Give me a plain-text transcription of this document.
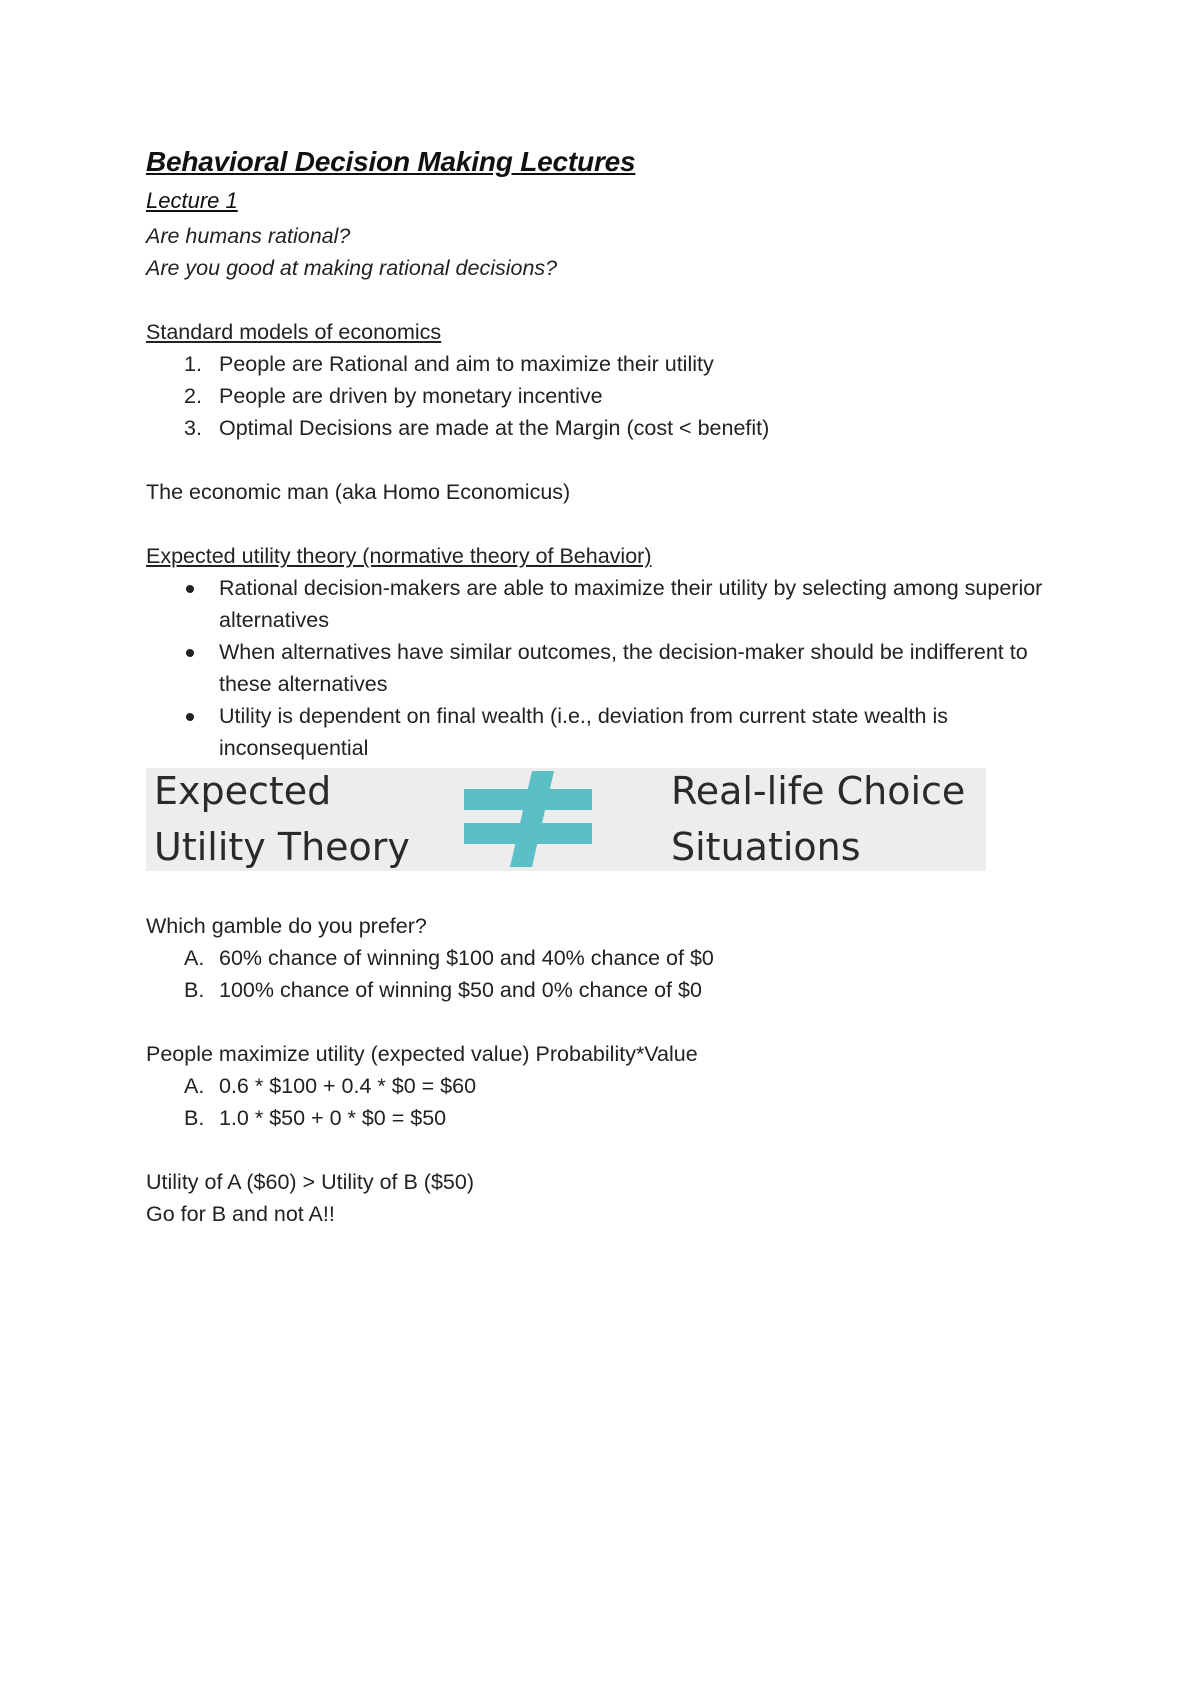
Behavioral Decision Making Lectures
Lecture 1
Are humans rational?
Are you good at making rational decisions?
Standard models of economics
1. People are Rational and aim to maximize their utility
2. People are driven by monetary incentive
3. Optimal Decisions are made at the Margin (cost < benefit)
The economic man (aka Homo Economicus)
Expected utility theory (normative theory of Behavior)
Rational decision-makers are able to maximize their utility by selecting among superior alternatives
When alternatives have similar outcomes, the decision-maker should be indifferent to these alternatives
Utility is dependent on final wealth (i.e., deviation from current state wealth is inconsequential
Expected
Utility Theory
Real-life Choice
Situations
Which gamble do you prefer?
A. 60% chance of winning $100 and 40% chance of $0
B. 100% chance of winning $50 and 0% chance of $0
People maximize utility (expected value) Probability*Value
A. 0.6 * $100 + 0.4 * $0 = $60
B. 1.0 * $50 + 0 * $0 = $50
Utility of A ($60) > Utility of B ($50)
Go for B and not A!!
